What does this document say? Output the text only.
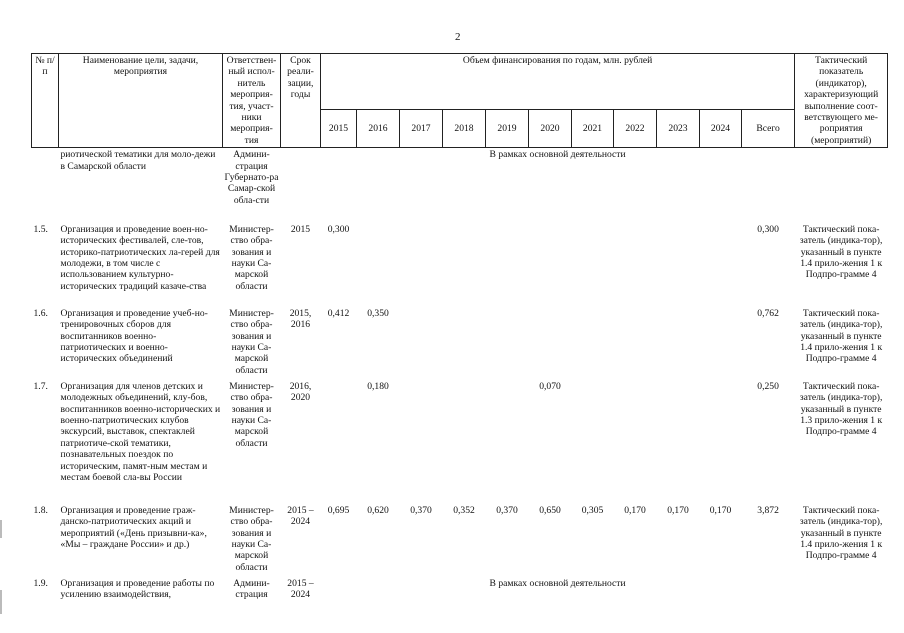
2
№ п/п	Наименование цели, задачи, мероприятия	Ответствен-ный испол-нитель мероприя-тия, участ-ники мероприя-тия	Срок реали-зации, годы	Объем финансирования по годам, млн. рублей											Тактический показатель (индикатор), характеризующий выполнение соот-ветствующего ме-роприятия (мероприятий)
				2015	2016	2017	2018	2019	2020	2021	2022	2023	2024	Всего	
	риотической тематики для моло-дежи в Самарской области	Админи-страция Губернато-ра Самар-ской обла-сти		В рамках основной деятельности											
1.5.	Организация и проведение воен-но-исторических фестивалей, сле-тов, историко-патриотических ла-герей для молодежи, в том числе с использованием культурно-исторических традиций казаче-ства	Министер-ство обра-зования и науки Са-марской области	2015	0,300										0,300	Тактический пока-затель (индика-тор), указанный в пункте 1.4 прило-жения 1 к Подпро-грамме 4
1.6.	Организация и проведение учеб-но-тренировочных сборов для воспитанников военно-патриотических и военно-исторических объединений	Министер-ство обра-зования и науки Са-марской области	2015, 2016	0,412	0,350									0,762	Тактический пока-затель (индика-тор), указанный в пункте 1.4 прило-жения 1 к Подпро-грамме 4
1.7.	Организация для членов детских и молодежных объединений, клу-бов, воспитанников военно-исторических и военно-патриотических клубов экскурсий, выставок, спектаклей патриотиче-ской тематики, познавательных поездок по историческим, памят-ным местам и местам боевой сла-вы России	Министер-ство обра-зования и науки Са-марской области	2016, 2020		0,180				0,070					0,250	Тактический пока-затель (индика-тор), указанный в пункте 1.3 прило-жения 1 к Подпро-грамме 4
1.8.	Организация и проведение граж-данско-патриотических акций и мероприятий («День призывни-ка», «Мы – граждане России» и др.)	Министер-ство обра-зования и науки Са-марской области	2015 – 2024	0,695	0,620	0,370	0,352	0,370	0,650	0,305	0,170	0,170	0,170	3,872	Тактический пока-затель (индика-тор), указанный в пункте 1.4 прило-жения 1 к Подпро-грамме 4
1.9.	Организация и проведение работы по усилению взаимодействия,	Админи-страция	2015 – 2024	В рамках основной деятельности											
